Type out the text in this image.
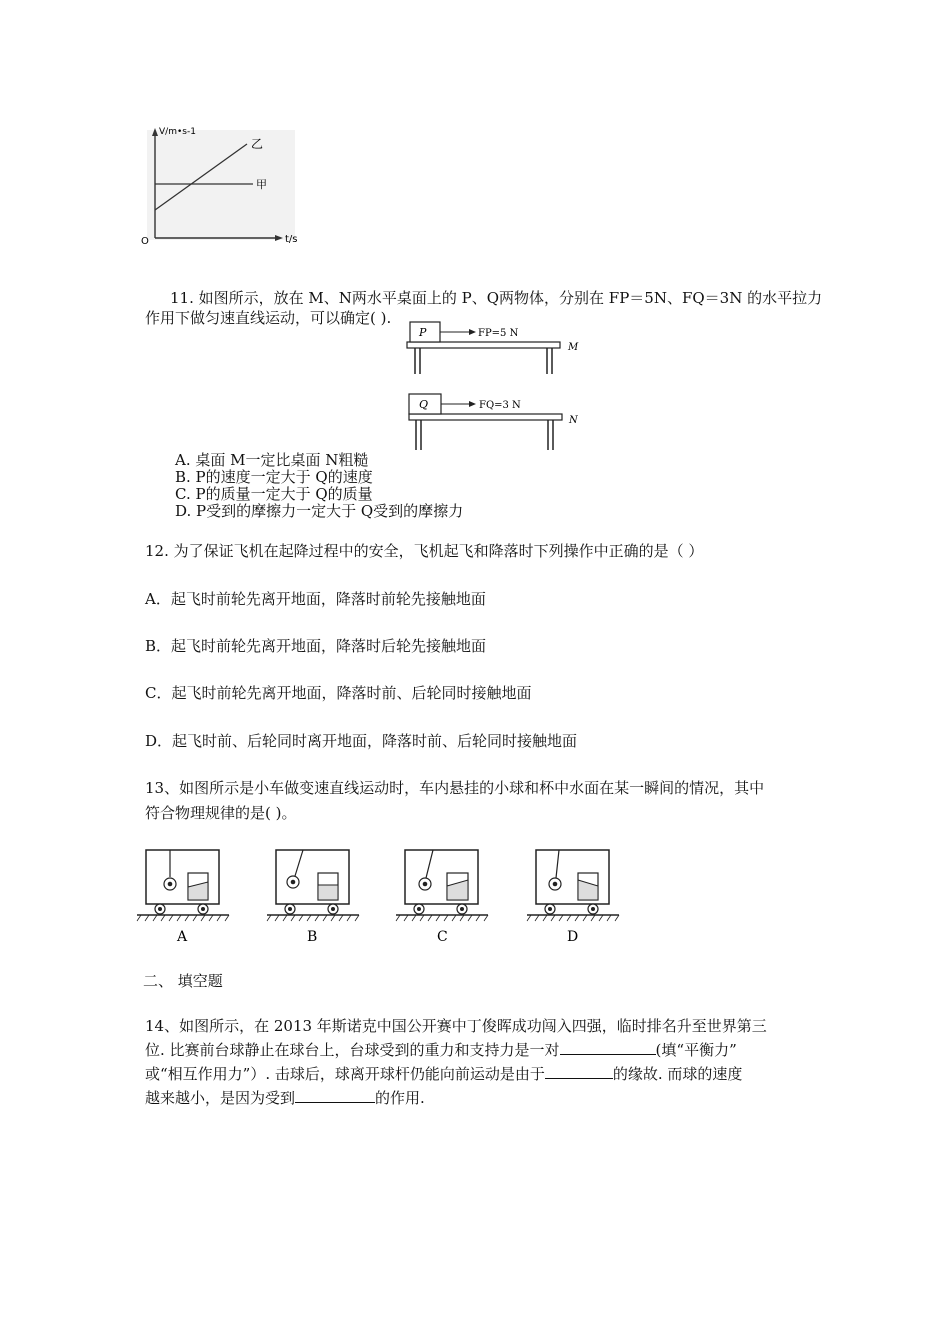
V/m•s-1
t/s
O
乙
甲
11. 如图所示，放在 M、N两水平桌面上的 P、Q两物体，分别在 FP＝5N、FQ＝3N 的水平拉力
作用下做匀速直线运动，可以确定( ).
P	FP=5 N
M
Q	FQ=3 N
N
A. 桌面 M一定比桌面 N粗糙
B. P的速度一定大于 Q的速度
C. P的质量一定大于 Q的质量
D. P受到的摩擦力一定大于 Q受到的摩擦力
12. 为了保证飞机在起降过程中的安全，飞机起飞和降落时下列操作中正确的是（ ）
A．起飞时前轮先离开地面，降落时前轮先接触地面
B．起飞时前轮先离开地面，降落时后轮先接触地面
C．起飞时前轮先离开地面，降落时前、后轮同时接触地面
D．起飞时前、后轮同时离开地面，降落时前、后轮同时接触地面
13、如图所示是小车做变速直线运动时，车内悬挂的小球和杯中水面在某一瞬间的情况，其中
符合物理规律的是( )。
A	B	C	D
二、 填空题
14、如图所示，在 2013 年斯诺克中国公开赛中丁俊晖成功闯入四强，临时排名升至世界第三
位. 比赛前台球静止在球台上，台球受到的重力和支持力是一对	(填“平衡力”
或“相互作用力”）. 击球后，球离开球杆仍能向前运动是由于	的缘故. 而球的速度
越来越小，是因为受到	的作用.
